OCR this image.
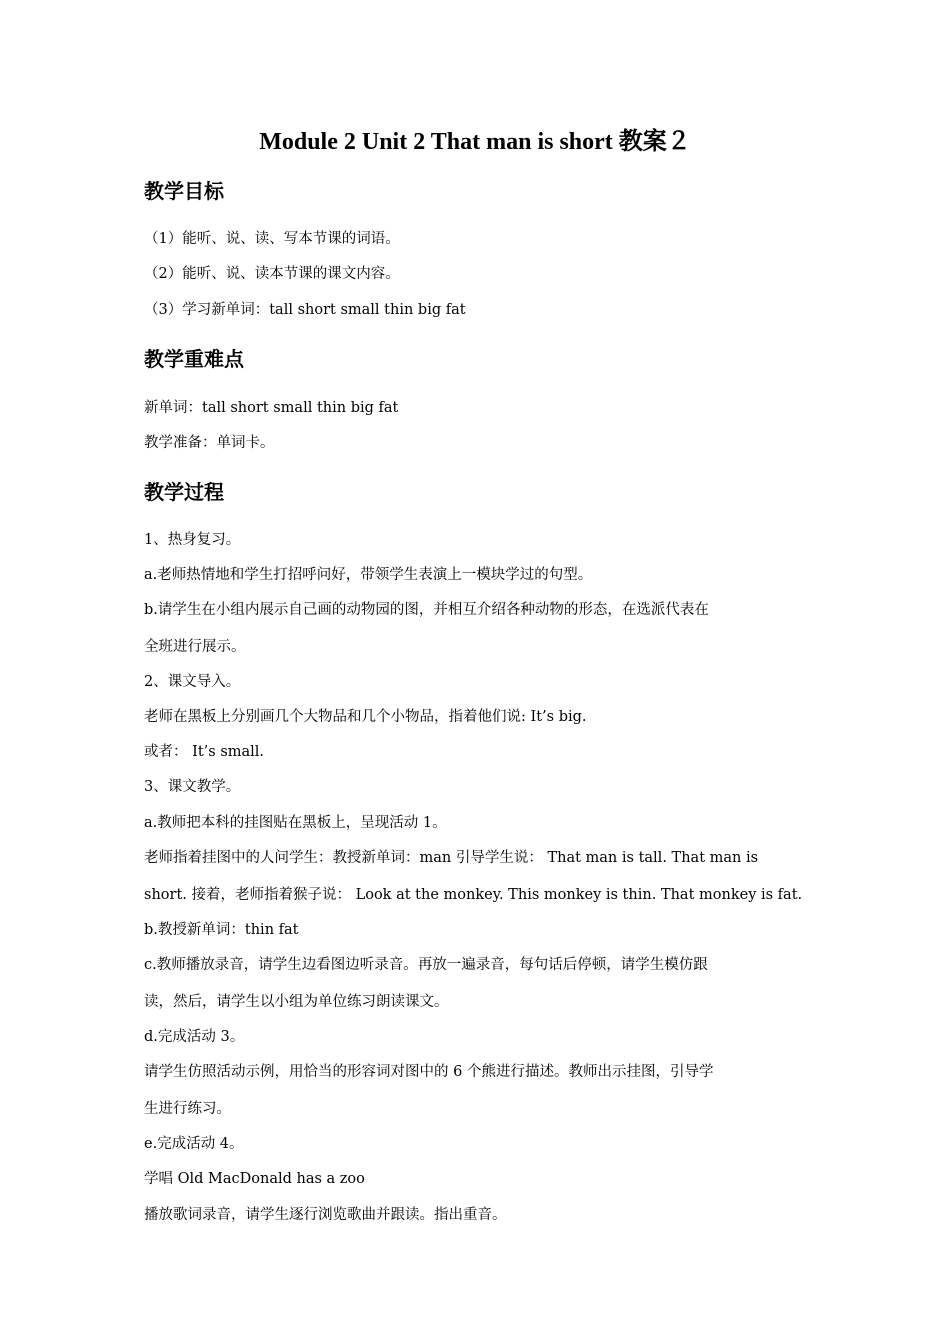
Module 2 Unit 2 That man is short 教案２
教学目标
（1）能听、说、读、写本节课的词语。
（2）能听、说、读本节课的课文内容。
（3）学习新单词：tall short small thin big fat
教学重难点
新单词：tall short small thin big fat
教学准备：单词卡。
教学过程
1、热身复习。
a.老师热情地和学生打招呼问好，带领学生表演上一模块学过的句型。
b.请学生在小组内展示自己画的动物园的图，并相互介绍各种动物的形态，在选派代表在
全班进行展示。
2、课文导入。
老师在黑板上分别画几个大物品和几个小物品，指着他们说: It’s big.
或者： It’s small.
3、课文教学。
a.教师把本科的挂图贴在黑板上，呈现活动 1。
老师指着挂图中的人问学生：教授新单词：man 引导学生说： That man is tall. That man is
short. 接着，老师指着猴子说： Look at the monkey. This monkey is thin. That monkey is fat.
b.教授新单词：thin fat
c.教师播放录音，请学生边看图边听录音。再放一遍录音，每句话后停顿，请学生模仿跟
读，然后，请学生以小组为单位练习朗读课文。
d.完成活动 3。
请学生仿照活动示例，用恰当的形容词对图中的 6 个熊进行描述。教师出示挂图，引导学
生进行练习。
e.完成活动 4。
学唱 Old MacDonald has a zoo
播放歌词录音，请学生逐行浏览歌曲并跟读。指出重音。
